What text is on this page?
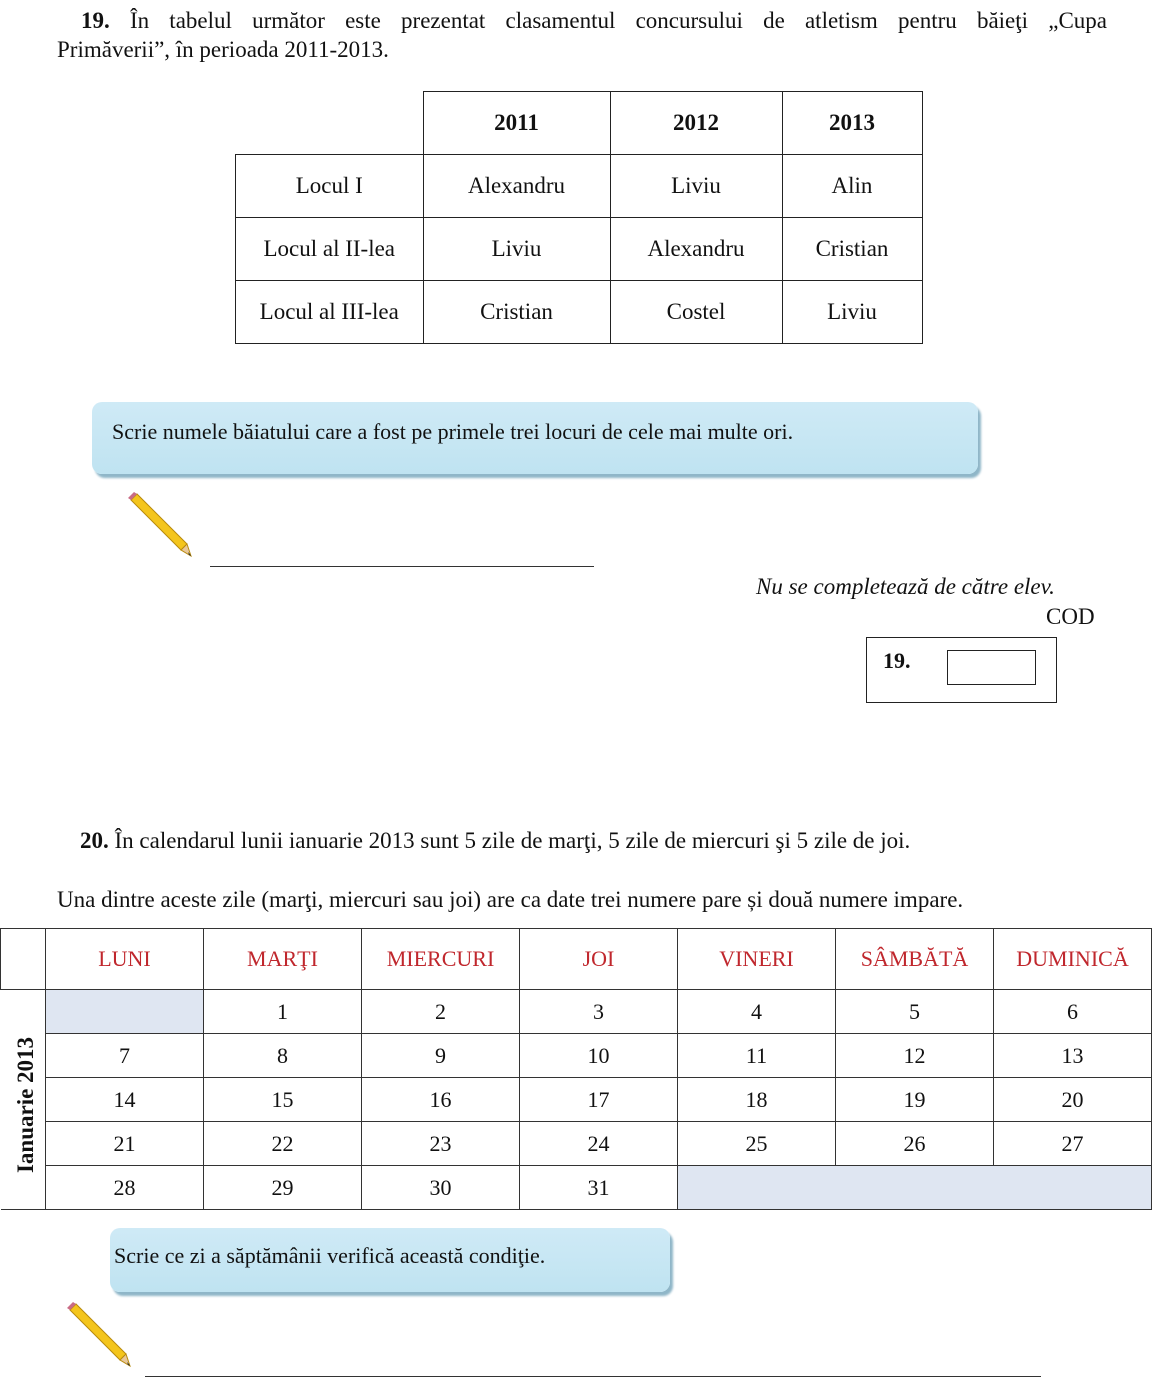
19. În tabelul următor este prezentat clasamentul concursului de atletism pentru băieţi „Cupa
Primăverii”, în perioada 2011-2013.
	2011	2012	2013
Locul I	Alexandru	Liviu	Alin
Locul al II-lea	Liviu	Alexandru	Cristian
Locul al III-lea	Cristian	Costel	Liviu
Scrie numele băiatului care a fost pe primele trei locuri de cele mai multe ori.
Nu se completează de către elev.
COD
19.
20. În calendarul lunii ianuarie 2013 sunt 5 zile de marţi, 5 zile de miercuri şi 5 zile de joi.
Una dintre aceste zile (marţi, miercuri sau joi) are ca date trei numere pare și două numere impare.
	LUNI	MARŢI	MIERCURI	JOI	VINERI	SÂMBĂTĂ	DUMINICĂ
		1	2	3	4	5	6
	7	8	9	10	11	12	13
	14	15	16	17	18	19	20
	21	22	23	24	25	26	27
	28	29	30	31			
Ianuarie 2013
Scrie ce zi a săptămânii verifică această condiţie.
